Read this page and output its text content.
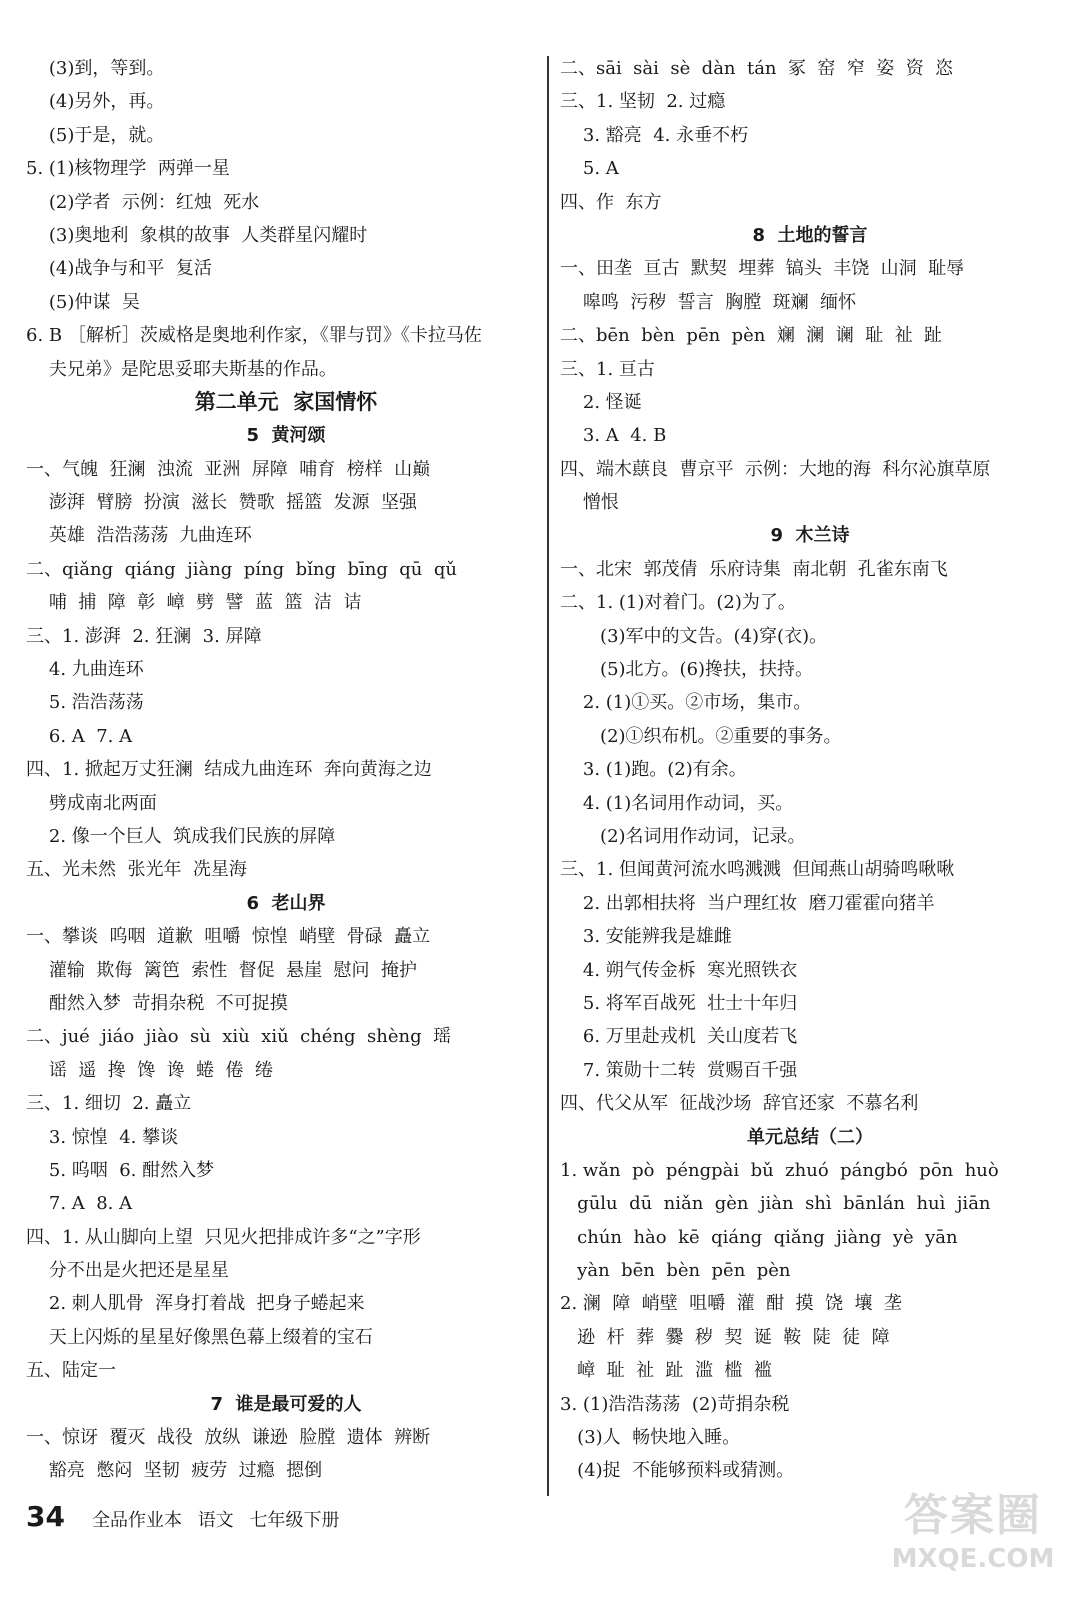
(3)到，等到。
(4)另外，再。
(5)于是，就。
5. (1)核物理学  两弹一星
(2)学者  示例：红烛  死水
(3)奥地利  象棋的故事  人类群星闪耀时
(4)战争与和平  复活
(5)仲谋  吴
6. B ［解析］茨威格是奥地利作家，《罪与罚》《卡拉马佐
夫兄弟》是陀思妥耶夫斯基的作品。
第二单元  家国情怀
5  黄河颂
一、气魄  狂澜  浊流  亚洲  屏障  哺育  榜样  山巅
澎湃  臂膀  扮演  滋长  赞歌  摇篮  发源  坚强
英雄  浩浩荡荡  九曲连环
二、qiǎng  qiáng  jiàng  píng  bǐng  bīng  qū  qǔ
哺  捕  障  彰  嶂  劈  譬  蓝  篮  洁  诘
三、1. 澎湃  2. 狂澜  3. 屏障
4. 九曲连环
5. 浩浩荡荡
6. A  7. A
四、1. 掀起万丈狂澜  结成九曲连环  奔向黄海之边
劈成南北两面
2. 像一个巨人  筑成我们民族的屏障
五、光未然  张光年  冼星海
6  老山界
一、攀谈  呜咽  道歉  咀嚼  惊惶  峭壁  骨碌  矗立
灌输  欺侮  篱笆  索性  督促  悬崖  慰问  掩护
酣然入梦  苛捐杂税  不可捉摸
二、jué  jiáo  jiào  sù  xiù  xiǔ  chéng  shèng  瑶
谣  遥  搀  馋  谗  蜷  倦  绻
三、1. 细切  2. 矗立
3. 惊惶  4. 攀谈
5. 呜咽  6. 酣然入梦
7. A  8. A
四、1. 从山脚向上望  只见火把排成许多“之”字形
分不出是火把还是星星
2. 刺人肌骨  浑身打着战  把身子蜷起来
天上闪烁的星星好像黑色幕上缀着的宝石
五、陆定一
7  谁是最可爱的人
一、惊讶  覆灭  战役  放纵  谦逊  脸膛  遗体  辨断
豁亮  憋闷  坚韧  疲劳  过瘾  摁倒
二、sāi  sài  sè  dàn  tán  冢  窑  窄  姿  资  恣
三、1. 坚韧  2. 过瘾
3. 豁亮  4. 永垂不朽
5. A
四、作  东方
8  土地的誓言
一、田垄  亘古  默契  埋葬  镐头  丰饶  山洞  耻辱
嗥鸣  污秽  誓言  胸膛  斑斓  缅怀
二、bēn  bèn  pēn  pèn  斓  澜  谰  耻  祉  趾
三、1. 亘古
2. 怪诞
3. A  4. B
四、端木蕻良  曹京平  示例：大地的海  科尔沁旗草原
憎恨
9  木兰诗
一、北宋  郭茂倩  乐府诗集  南北朝  孔雀东南飞
二、1. (1)对着门。(2)为了。
(3)军中的文告。(4)穿(衣)。
(5)北方。(6)搀扶，扶持。
2. (1)①买。②市场，集市。
(2)①织布机。②重要的事务。
3. (1)跑。(2)有余。
4. (1)名词用作动词，买。
(2)名词用作动词，记录。
三、1. 但闻黄河流水鸣溅溅  但闻燕山胡骑鸣啾啾
2. 出郭相扶将  当户理红妆  磨刀霍霍向猪羊
3. 安能辨我是雄雌
4. 朔气传金柝  寒光照铁衣
5. 将军百战死  壮士十年归
6. 万里赴戎机  关山度若飞
7. 策勋十二转  赏赐百千强
四、代父从军  征战沙场  辞官还家  不慕名利
单元总结（二）
1. wǎn  pò  péngpài  bǔ  zhuó  pángbó  pōn  huò
gūlu  dū  niǎn  gèn  jiàn  shì  bānlán  huì  jiān
chún  hào  kē  qiáng  qiǎng  jiàng  yè  yān
yàn  bēn  bèn  pēn  pèn
2. 澜  障  峭壁  咀嚼  灌  酣  摸  饶  壤  垄
逊  杆  葬  爨  秽  契  诞  鞍  陡  徒  障
嶂  耻  祉  趾  滥  槛  褴
3. (1)浩浩荡荡  (2)苛捐杂税
(3)人  畅快地入睡。
(4)捉  不能够预料或猜测。
34 全品作业本 语文 七年级下册	答案圈
MXQE.COM
